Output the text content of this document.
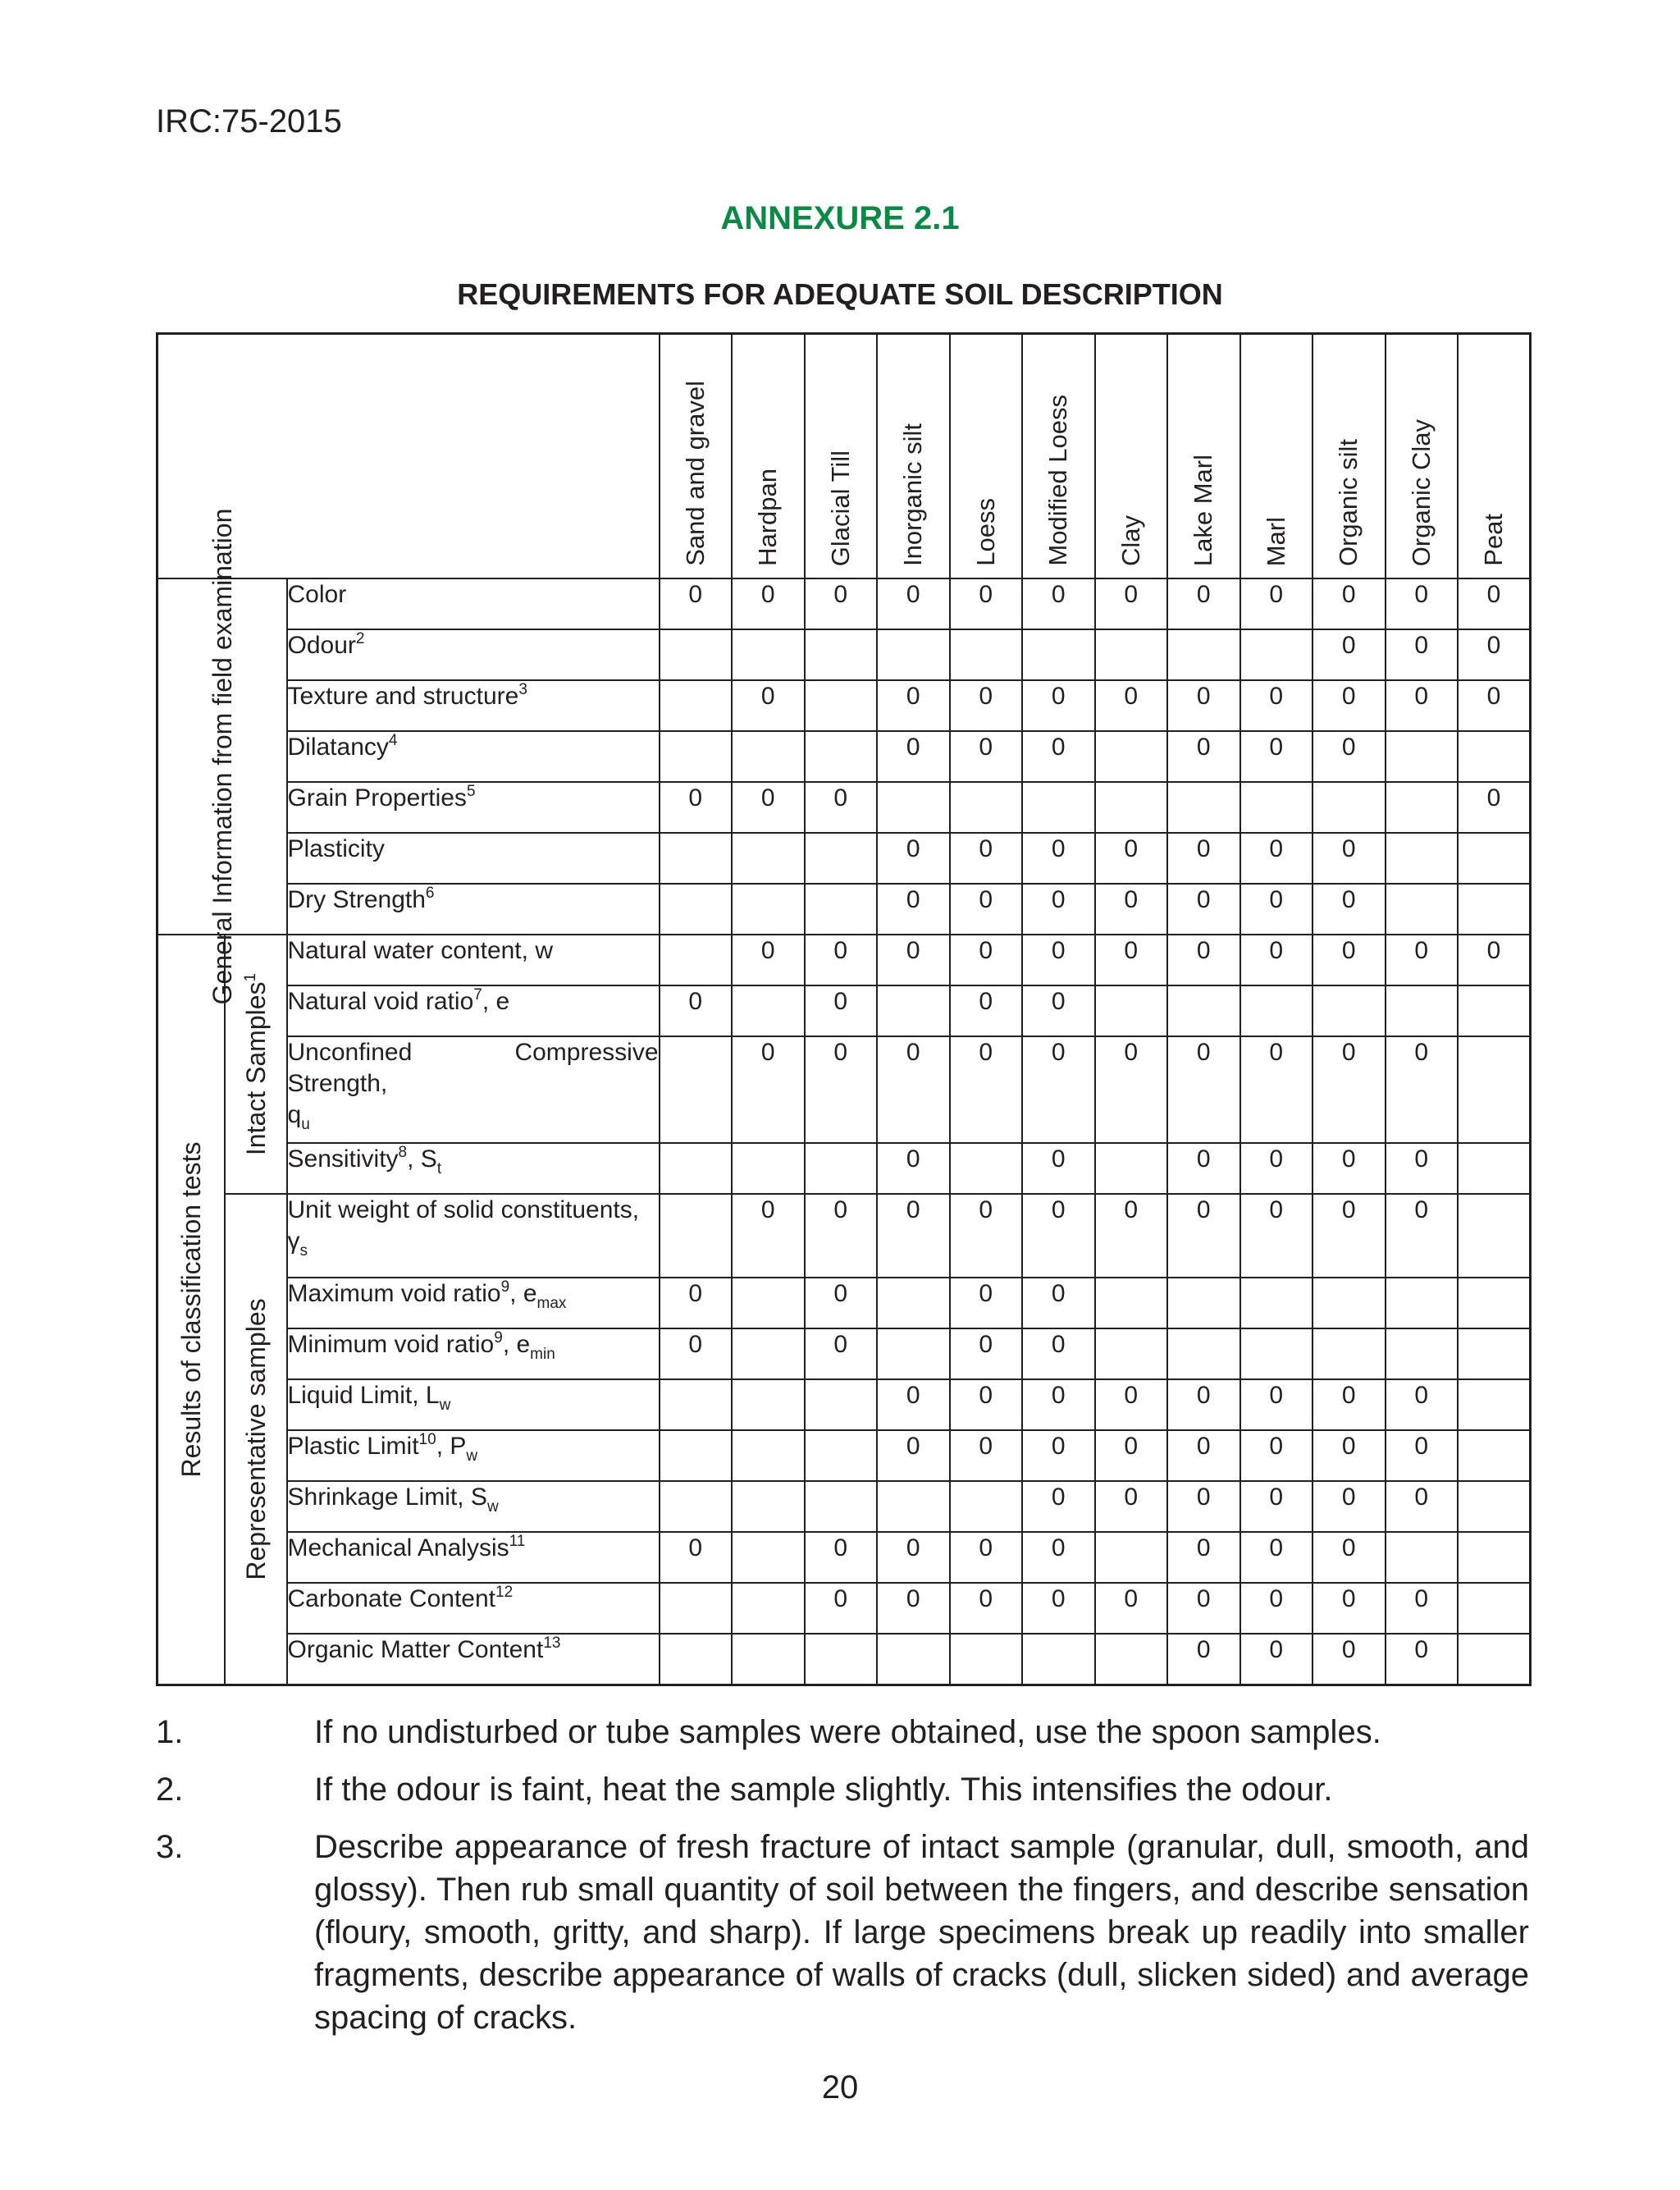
IRC:75-2015
ANNEXURE 2.1
REQUIREMENTS FOR ADEQUATE SOIL DESCRIPTION

			Sand and gravel	Hardpan	Glacial Till	Inorganic silt	Loess	Modified Loess	Clay	Lake Marl	Marl	Organic silt	Organic Clay	Peat

General Information from field examination		Color	0	0	0	0	0	0	0	0	0	0	0	0
		Odour$^2$										0	0	0
		Texture and structure$^3$		0		0	0	0	0	0	0	0	0	0
		Dilatancy$^4$				0	0	0		0	0	0		
		Grain Properties$^5$	0	0	0									0
		Plasticity				0	0	0	0	0	0	0		
		Dry Strength$^6$				0	0	0	0	0	0	0		

Results of classification tests	Intact Samples$^1$	Natural water content, w		0	0	0	0	0	0	0	0	0	0	0
		Natural void ratio$^7$, e	0		0		0	0						

		Unconfined Compressive
Strength,
$q_u$		0	0	0	0	0	0	0	0	0	0	
		Sensitivity$^8$, $S_t$				0		0		0	0	0	0	

	Representative samples	Unit weight of solid constituents,
$\gamma_s$		0	0	0	0	0	0	0	0	0	0	
		Maximum void ratio$^9$, $e_{max}$	0		0		0	0						
		Minimum void ratio$^9$, $e_{min}$	0		0		0	0						
		Liquid Limit, $L_w$				0	0	0	0	0	0	0	0	
		Plastic Limit$^{10}$, $P_w$				0	0	0	0	0	0	0	0	
		Shrinkage Limit, $S_w$						0	0	0	0	0	0	
		Mechanical Analysis$^{11}$	0		0	0	0	0		0	0	0		
		Carbonate Content$^{12}$			0	0	0	0	0	0	0	0	0	
		Organic Matter Content$^{13}$								0	0	0	0	
1.	If no undisturbed or tube samples were obtained, use the spoon samples.
2.	If the odour is faint, heat the sample slightly. This intensifies the odour.
3.	Describe appearance of fresh fracture of intact sample (granular, dull, smooth, and glossy). Then rub small quantity of soil between the fingers, and describe sensation (floury, smooth, gritty, and sharp). If large specimens break up readily into smaller fragments, describe appearance of walls of cracks (dull, slicken sided) and average spacing of cracks.
20
